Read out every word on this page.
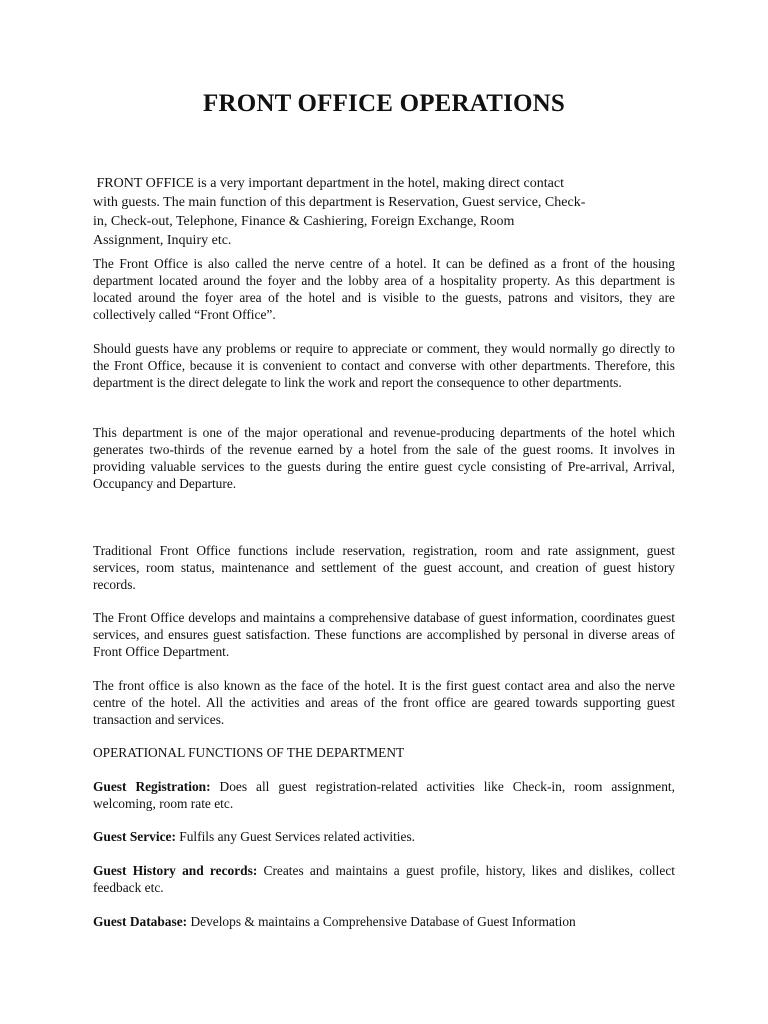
FRONT OFFICE OPERATIONS
FRONT OFFICE is a very important department in the hotel, making direct contact
with guests. The main function of this department is Reservation, Guest service, Check-
in, Check-out, Telephone, Finance & Cashiering, Foreign Exchange, Room
Assignment, Inquiry etc.

The Front Office is also called the nerve centre of a hotel. It can be defined as a front of the housing department located around the foyer and the lobby area of a hospitality property. As this department is located around the foyer area of the hotel and is visible to the guests, patrons and visitors, they are collectively called “Front Office”.

Should guests have any problems or require to appreciate or comment, they would normally go directly to the Front Office, because it is convenient to contact and converse with other departments. Therefore, this department is the direct delegate to link the work and report the consequence to other departments.

This department is one of the major operational and revenue-producing departments of the hotel which generates two-thirds of the revenue earned by a hotel from the sale of the guest rooms. It involves in providing valuable services to the guests during the entire guest cycle consisting of Pre-arrival, Arrival, Occupancy and Departure.

Traditional Front Office functions include reservation, registration, room and rate assignment, guest services, room status, maintenance and settlement of the guest account, and creation of guest history records.

The Front Office develops and maintains a comprehensive database of guest information, coordinates guest services, and ensures guest satisfaction. These functions are accomplished by personal in diverse areas of Front Office Department.

The front office is also known as the face of the hotel. It is the first guest contact area and also the nerve centre of the hotel. All the activities and areas of the front office are geared towards supporting guest transaction and services.

OPERATIONAL FUNCTIONS OF THE DEPARTMENT

Guest Registration: Does all guest registration-related activities like Check-in, room assignment, welcoming, room rate etc.

Guest Service: Fulfils any Guest Services related activities.

Guest History and records: Creates and maintains a guest profile, history, likes and dislikes, collect feedback etc.

Guest Database: Develops & maintains a Comprehensive Database of Guest Information
